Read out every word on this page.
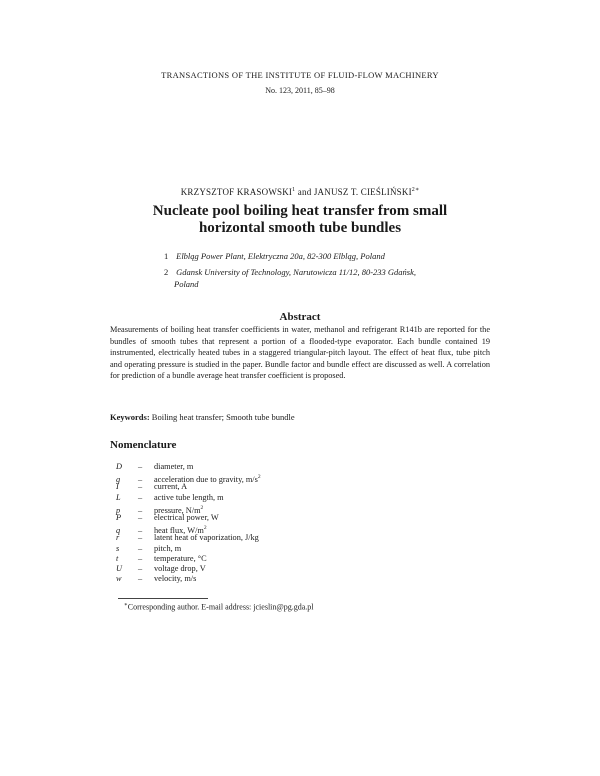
TRANSACTIONS OF THE INSTITUTE OF FLUID-FLOW MACHINERY
No. 123, 2011, 85–98
KRZYSZTOF KRASOWSKI$^1$ and JANUSZ T. $CIEŚLIŃSKI^{2∗}$
Nucleate pool boiling heat transfer from small
horizontal smooth tube bundles
1 Elbląg Power Plant, Elektryczna 20a, 82-300 Elbląg, Poland
2 Gdansk University of Technology, Narutowicza 11/12, 80-233 Gdańsk,
Poland
Abstract
Measurements of boiling heat transfer coefficients in water, methanol and refrigerant R141b are reported for the bundles of smooth tubes that represent a portion of a flooded-type evaporator. Each bundle contained 19 instrumented, electrically heated tubes in a staggered triangular-pitch layout. The effect of heat flux, tube pitch and operating pressure is studied in the paper. Bundle factor and bundle effect are discussed as well. A correlation for prediction of a bundle average heat transfer coefficient is proposed.
Keywords: Boiling heat transfer; Smooth tube bundle
Nomenclature
D – diameter, m
g – acceleration due to gravity, $m/s^2$
I – current, A
L – active tube length, m
p – pressure, $N/m^2$
P – electrical power, W
q – heat flux, $W/m^2$
r – latent heat of vaporization, J/kg
s – pitch, m
t – temperature, °C
U – voltage drop, V
w – velocity, m/s
∗Corresponding author. E-mail address: jcieslin@pg.gda.pl
